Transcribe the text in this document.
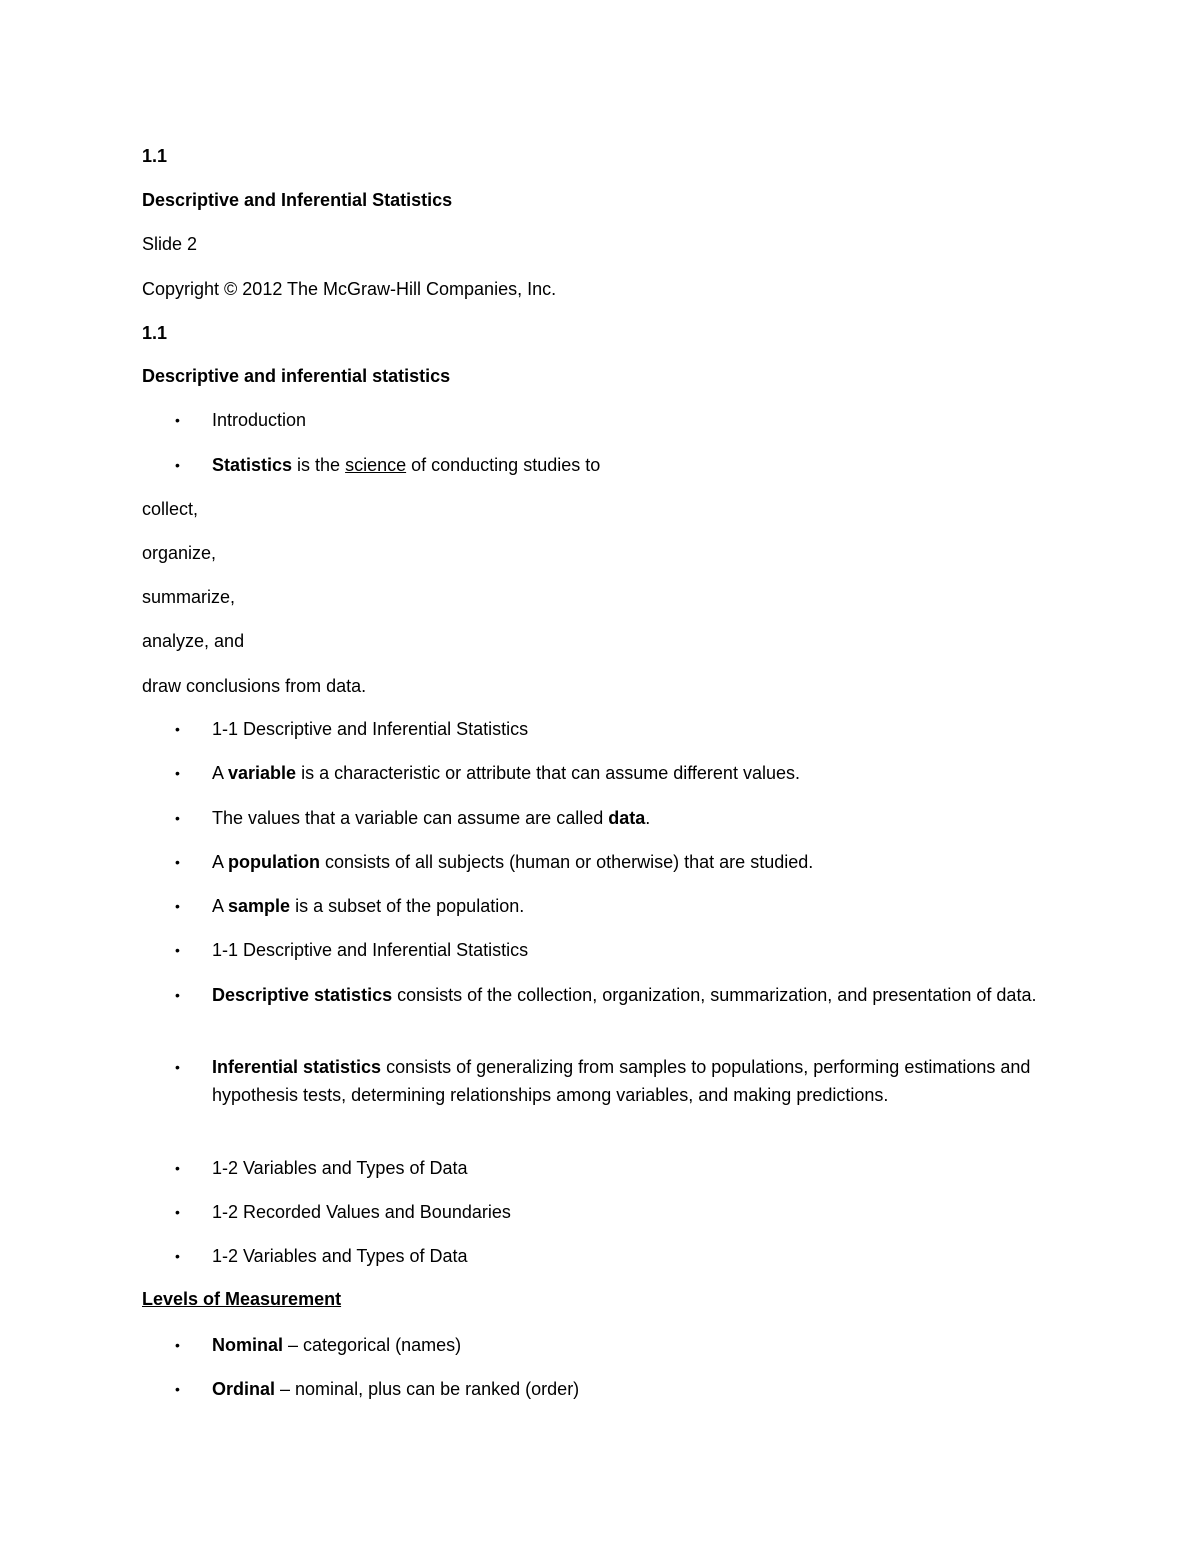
1.1
Descriptive and Inferential Statistics
Slide 2
Copyright © 2012 The McGraw-Hill Companies, Inc.
1.1
Descriptive and inferential statistics
• Introduction
• Statistics is the science of conducting studies to
collect,
organize,
summarize,
analyze, and
draw conclusions from data.
• 1-1 Descriptive and Inferential Statistics
• A variable is a characteristic or attribute that can assume different values.
• The values that a variable can assume are called data.
• A population consists of all subjects (human or otherwise) that are studied.
• A sample is a subset of the population.
• 1-1 Descriptive and Inferential Statistics
• Descriptive statistics consists of the collection, organization, summarization, and presentation of data.
• Inferential statistics consists of generalizing from samples to populations, performing estimations and hypothesis tests, determining relationships among variables, and making predictions.
• 1-2 Variables and Types of Data
• 1-2 Recorded Values and Boundaries
• 1-2 Variables and Types of Data
Levels of Measurement
• Nominal – categorical (names)
• Ordinal – nominal, plus can be ranked (order)
